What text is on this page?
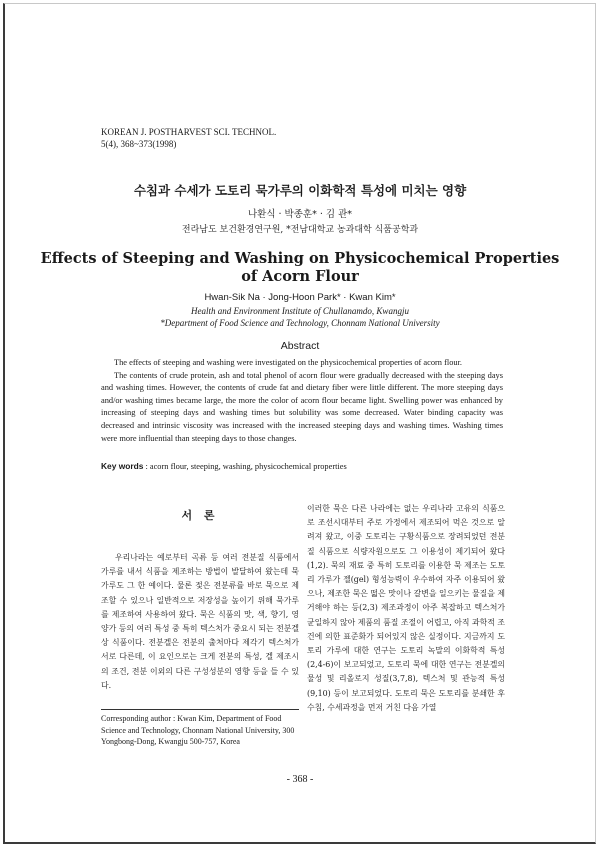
KOREAN J. POSTHARVEST SCI. TECHNOL.
5(4), 368~373(1998)
수침과 수세가 도토리 묵가루의 이화학적 특성에 미치는 영향
나환식 · 박종훈* · 김 관*
전라남도 보건환경연구원, *전남대학교 농과대학 식품공학과
Effects of Steeping and Washing on Physicochemical Properties
of Acorn Flour
Hwan-Sik Na · Jong-Hoon Park* · Kwan Kim*
Health and Environment Institute of Chullanamdo, Kwangju
*Department of Food Science and Technology, Chonnam National University
Abstract

The effects of steeping and washing were investigated on the physicochemical properties of acorn flour.

The contents of crude protein, ash and total phenol of acorn flour were gradually decreased with the steeping days and washing times. However, the contents of crude fat and dietary fiber were little different. The more steeping days and/or washing times became large, the more the color of acorn flour became light. Swelling power was enhanced by increasing of steeping days and washing times but solubility was some decreased. Water binding capacity was decreased and intrinsic viscosity was increased with the increased steeping days and washing times. Washing times were more influential than steeping days to those changes.

Key words : acorn flour, steeping, washing, physicochemical properties
서 론

우리나라는 예로부터 곡류 등 여러 전분질 식품에서 가루를 내서 식품을 제조하는 방법이 발달하여 왔는데 묵가루도 그 한 예이다. 물론 젖은 전분류를 바로 묵으로 제조할 수 있으나 일반적으로 저장성을 높이기 위해 묵가루를 제조하여 사용하여 왔다. 묵은 식품의 맛, 색, 향기, 영양가 등의 여러 특성 중 특히 텍스처가 중요시 되는 전분겔상 식품이다. 전분겔은 전분의 출처마다 제각기 텍스처가 서로 다른데, 이 요인으로는 크게 전분의 특성, 겔 제조시의 조건, 전분 이외의 다른 구성성분의 영향 등을 들 수 있다.

Corresponding author : Kwan Kim, Department of Food Science and Technology, Chonnam National University, 300 Yongbong-Dong, Kwangju 500-757, Korea

이러한 묵은 다른 나라에는 없는 우리나라 고유의 식품으로 조선시대부터 주로 가정에서 제조되어 먹은 것으로 알려져 왔고, 이중 도토리는 구황식품으로 장려되었던 전분질 식품으로 식량자원으로도 그 이용성이 제기되어 왔다(1,2). 묵의 재료 중 특히 도토리를 이용한 묵 제조는 도토리 가루가 젤(gel) 형성능력이 우수하여 자주 이용되어 왔으나, 제조한 묵은 떫은 맛이나 갈변을 일으키는 물질을 제거해야 하는 등(2,3) 제조과정이 아주 복잡하고 텍스처가 균일하지 않아 제품의 품질 조절이 어렵고, 아직 과학적 조건에 의한 표준화가 되어있지 않은 실정이다. 지금까지 도토리 가루에 대한 연구는 도토리 녹말의 이화학적 특성(2,4-6)이 보고되었고, 도토리 묵에 대한 연구는 전분겔의 물성 및 리올로지 성질(3,7,8), 텍스처 및 관능적 특성(9,10) 등이 보고되었다. 도토리 묵은 도토리를 분쇄한 후 수침, 수세과정을 먼저 거친 다음 가열

- 368 -
